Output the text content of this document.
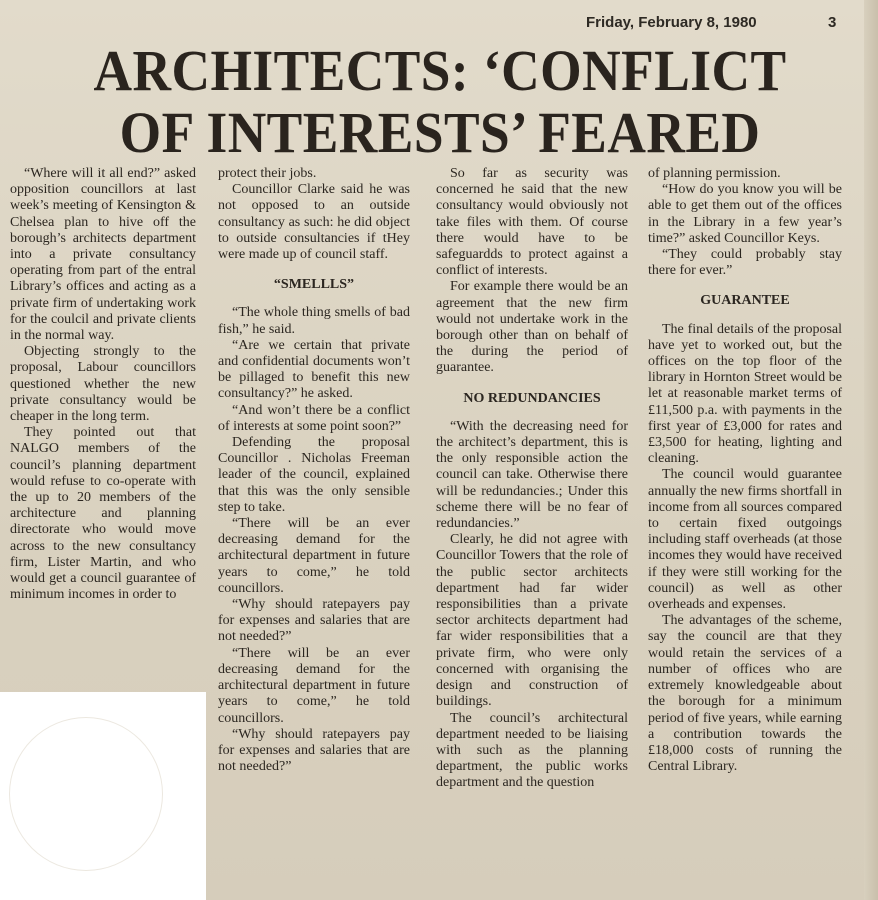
Friday, February 8, 1980	3
ARCHITECTS: ‘CONFLICT
OF INTERESTS’ FEARED

“Where will it all end?” asked opposition councillors at last week’s meeting of Kensington & Chelsea plan to hive off the borough’s architects department into a private consultancy operating from part of the entral Library’s offices and acting as a private firm of undertaking work for the coulcil and private clients in the normal way.

Objecting strongly to the proposal, Labour councillors questioned whether the new private consultancy would be cheaper in the long term.

They pointed out that NALGO members of the council’s planning department would refuse to co-operate with the up to 20 members of the architecture and planning directorate who would move across to the new consultancy firm, Lister Martin, and who would get a council guarantee of minimum incomes in order to

protect their jobs.

Councillor Clarke said he was not opposed to an outside consultancy as such: he did object to outside consultancies if tHey were made up of council staff.

“SMELLLS”

“The whole thing smells of bad fish,” he said.

“Are we certain that private and confidential documents won’t be pillaged to benefit this new consultancy?” he asked.

“And won’t there be a conflict of interests at some point soon?”

Defending the proposal Councillor . Nicholas Freeman leader of the council, explained that this was the only sensible step to take.

“There will be an ever decreasing demand for the architectural department in future years to come,” he told councillors.

“Why should ratepayers pay for expenses and salaries that are not needed?”

“There will be an ever decreasing demand for the architectural department in future years to come,” he told councillors.

“Why should ratepayers pay for expenses and salaries that are not needed?”

So far as security was concerned he said that the new consultancy would obviously not take files with them. Of course there would have to be safeguardds to protect against a conflict of interests.

For example there would be an agreement that the new firm would not undertake work in the borough other than on behalf of the during the period of guarantee.

NO REDUNDANCIES

“With the decreasing need for the architect’s department, this is the only responsible action the council can take. Otherwise there will be redundancies.; Under this scheme there will be no fear of redundancies.”

Clearly, he did not agree with Councillor Towers that the role of the public sector architects department had far wider responsibilities than a private sector architects department had far wider responsibilities that a private firm, who were only concerned with organising the design and construction of buildings.

The council’s architectural department needed to be liaising with such as the planning department, the public works department and the question

of planning permission.

“How do you know you will be able to get them out of the offices in the Library in a few year’s time?” asked Councillor Keys.

“They could probably stay there for ever.”

GUARANTEE

The final details of the proposal have yet to worked out, but the offices on the top floor of the library in Hornton Street would be let at reasonable market terms of £11,500 p.a. with payments in the first year of £3,000 for rates and £3,500 for heating, lighting and cleaning.

The council would guarantee annually the new firms shortfall in income from all sources compared to certain fixed outgoings including staff overheads (at those incomes they would have received if they were still working for the council) as well as other overheads and expenses.

The advantages of the scheme, say the council are that they would retain the services of a number of offices who are extremely knowledgeable about the borough for a minimum period of five years, while earning a contribution towards the £18,000 costs of running the Central Library.
